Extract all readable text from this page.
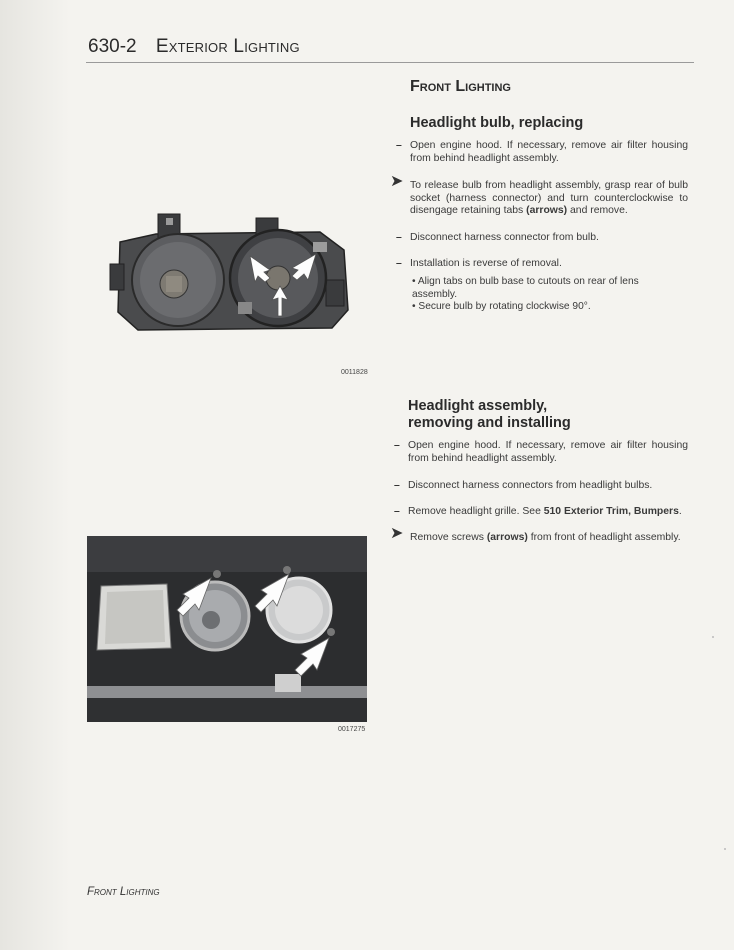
630-2 Exterior Lighting
Front Lighting
Headlight bulb, replacing
– Open engine hood. If necessary, remove air filter housing from behind headlight assembly.
➤ To release bulb from headlight assembly, grasp rear of bulb socket (harness connector) and turn counterclockwise to disengage retaining tabs (arrows) and remove.
– Disconnect harness connector from bulb.
– Installation is reverse of removal.
• Align tabs on bulb base to cutouts on rear of lens assembly.
• Secure bulb by rotating clockwise 90°.
0011828
Headlight assembly,
removing and installing
– Open engine hood. If necessary, remove air filter housing from behind headlight assembly.
– Disconnect harness connectors from headlight bulbs.
– Remove headlight grille. See 510 Exterior Trim, Bumpers.
➤ Remove screws (arrows) from front of headlight assembly.
0017275
Front Lighting
